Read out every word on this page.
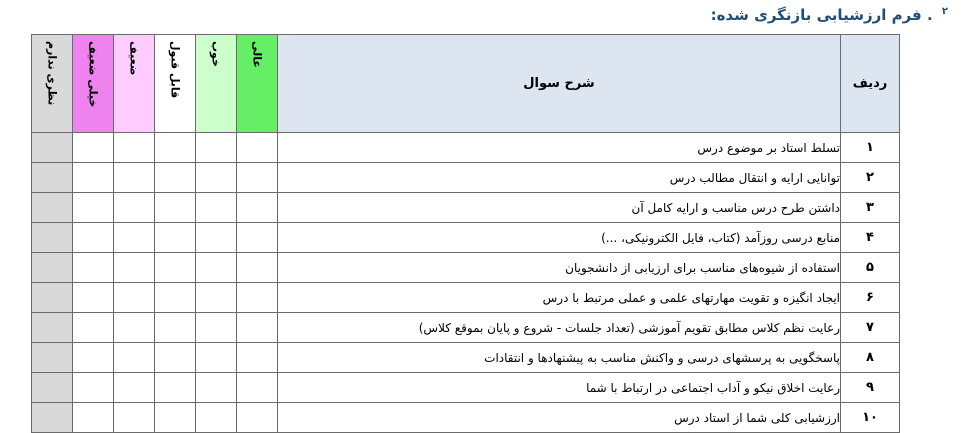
$^۲$ . فرم ارزشیابی بازنگری شده:
نظری ندارم	خیلی ضعیف	ضعیف	قابل قبول	خوب	عالی	شرح سوال	ردیف
						تسلط استاد بر موضوع درس	۱
						توانایی ارایه و انتقال مطالب درس	۲
						داشتن طرح درس مناسب و ارایه کامل آن	۳
						منابع درسی روزآمد (کتاب، فایل الکترونیکی، ...)	۴
						استفاده از شیوه‌های مناسب برای ارزیابی از دانشجویان	۵
						ایجاد انگیزه و تقویت مهارتهای علمی و عملی مرتبط با درس	۶
						رعایت نظم کلاس مطابق تقویم آموزشی (تعداد جلسات - شروع و پایان بموقع کلاس)	۷
						پاسخگویی به پرسشهای درسی و واکنش مناسب به پیشنهادها و انتقادات	۸
						رعایت اخلاق نیکو و آداب اجتماعی در ارتباط با شما	۹
						ارزشیابی کلی شما از استاد درس	۱۰
